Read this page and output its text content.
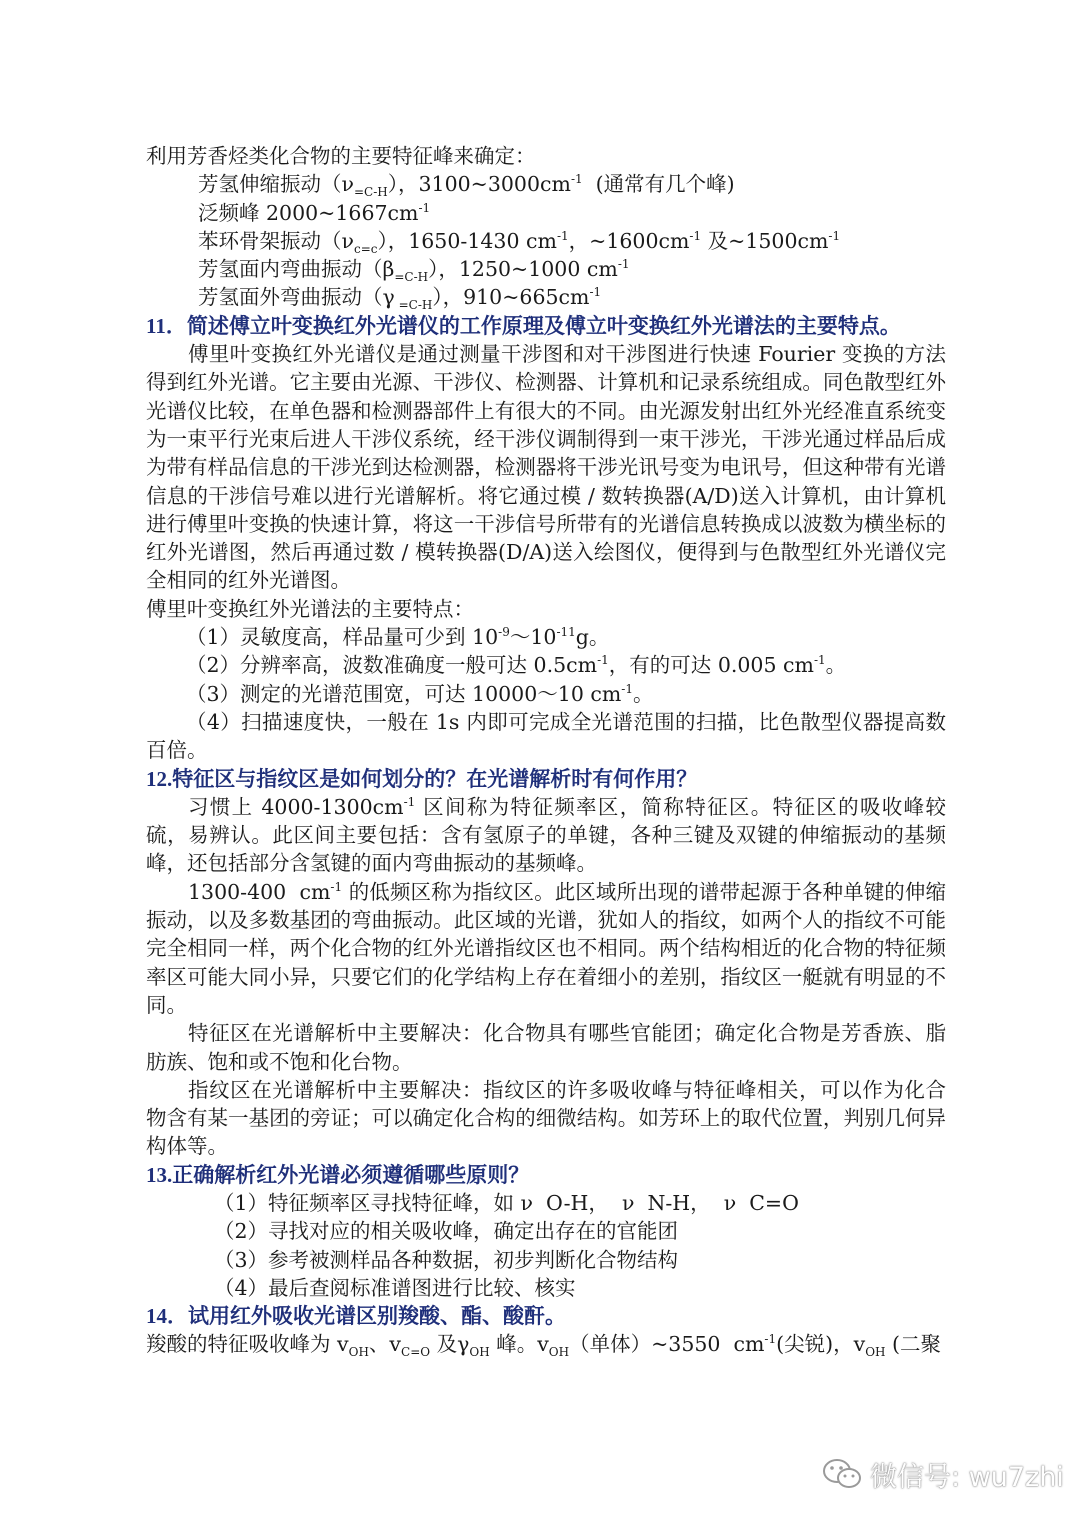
利用芳香烃类化合物的主要特征峰来确定：
芳氢伸缩振动$(\nu_{=C-H})$，$3100\sim 3000cm^{-1}$  (通常有几个峰)
泛频峰 $2000\sim 1667cm^{-1}$
苯环骨架振动$(\nu_{c=c})$，1650-1430 $cm^{-1}$，$\sim 1600cm^{-1}$ 及$\sim 1500cm^{-1}$
芳氢面内弯曲振动$(\beta_{=C-H})$，1250~1000 $cm^{-1}$
芳氢面外弯曲振动（γ $_{=C-H}$），$910\sim 665cm^{-1}$
11．简述傅立叶变换红外光谱仪的工作原理及傅立叶变换红外光谱法的主要特点。
傅里叶变换红外光谱仪是通过测量干涉图和对干涉图进行快速 Fourier 变换的方法得到红外光谱。它主要由光源、干涉仪、检测器、计算机和记录系统组成。同色散型红外光谱仪比较，在单色器和检测器部件上有很大的不同。由光源发射出红外光经准直系统变为一束平行光束后进人干涉仪系统，经干涉仪调制得到一束干涉光，干涉光通过样品后成为带有样品信息的干涉光到达检测器，检测器将干涉光讯号变为电讯号，但这种带有光谱信息的干涉信号难以进行光谱解析。将它通过模 / 数转换器(A/D)送入计算机，由计算机进行傅里叶变换的快速计算，将这一干涉信号所带有的光谱信息转换成以波数为横坐标的红外光谱图，然后再通过数 / 模转换器(D/A)送入绘图仪，便得到与色散型红外光谱仪完全相同的红外光谱图。
傅里叶变换红外光谱法的主要特点：
（1）灵敏度高，样品量可少到 $10^{-9}\sim 10^{-11}g$。
（2）分辨率高，波数准确度一般可达 $0.5cm^{-1}$，有的可达 0.005 $cm^{-1}$。
（3）测定的光谱范围宽，可达 10000～10 $cm^{-1}$。
（4）扫描速度快，一般在 1s 内即可完成全光谱范围的扫描，比色散型仪器提高数百倍。
12.特征区与指纹区是如何划分的？在光谱解析时有何作用？
习惯上 $4000-1300cm^{-1}$ 区间称为特征频率区，简称特征区。特征区的吸收峰较硫，易辨认。此区间主要包括：含有氢原子的单键，各种三键及双键的伸缩振动的基频峰，还包括部分含氢键的面内弯曲振动的基频峰。
1300-400  $cm^{-1}$ 的低频区称为指纹区。此区域所出现的谱带起源于各种单键的伸缩振动，以及多数基团的弯曲振动。此区域的光谱，犹如人的指纹，如两个人的指纹不可能完全相同一样，两个化合物的红外光谱指纹区也不相同。两个结构相近的化合物的特征频率区可能大同小异，只要它们的化学结构上存在着细小的差别，指纹区一艇就有明显的不同。
特征区在光谱解析中主要解决：化合物具有哪些官能团；确定化合物是芳香族、脂肪族、饱和或不饱和化台物。
指纹区在光谱解析中主要解决：指纹区的许多吸收峰与特征峰相关，可以作为化合物含有某一基团的旁证；可以确定化合构的细微结构。如芳环上的取代位置，判别几何异构体等。
13.正确解析红外光谱必须遵循哪些原则？
（1）特征频率区寻找特征峰，如 ν  O-H，  ν  N-H，  ν  C=O
（2）寻找对应的相关吸收峰，确定出存在的官能团
（3）参考被测样品各种数据，初步判断化合物结构
（4）最后查阅标准谱图进行比较、核实
14．试用红外吸收光谱区别羧酸、酯、酸酐。
羧酸的特征吸收峰为 $v_{OH}$、$v_{C=O}$ 及$\gamma_{OH}$ 峰。$v_{OH}$（单体）~3550  $cm^{-1}$(尖锐)，$v_{OH}$ (二聚
微信号: wu7zhi
